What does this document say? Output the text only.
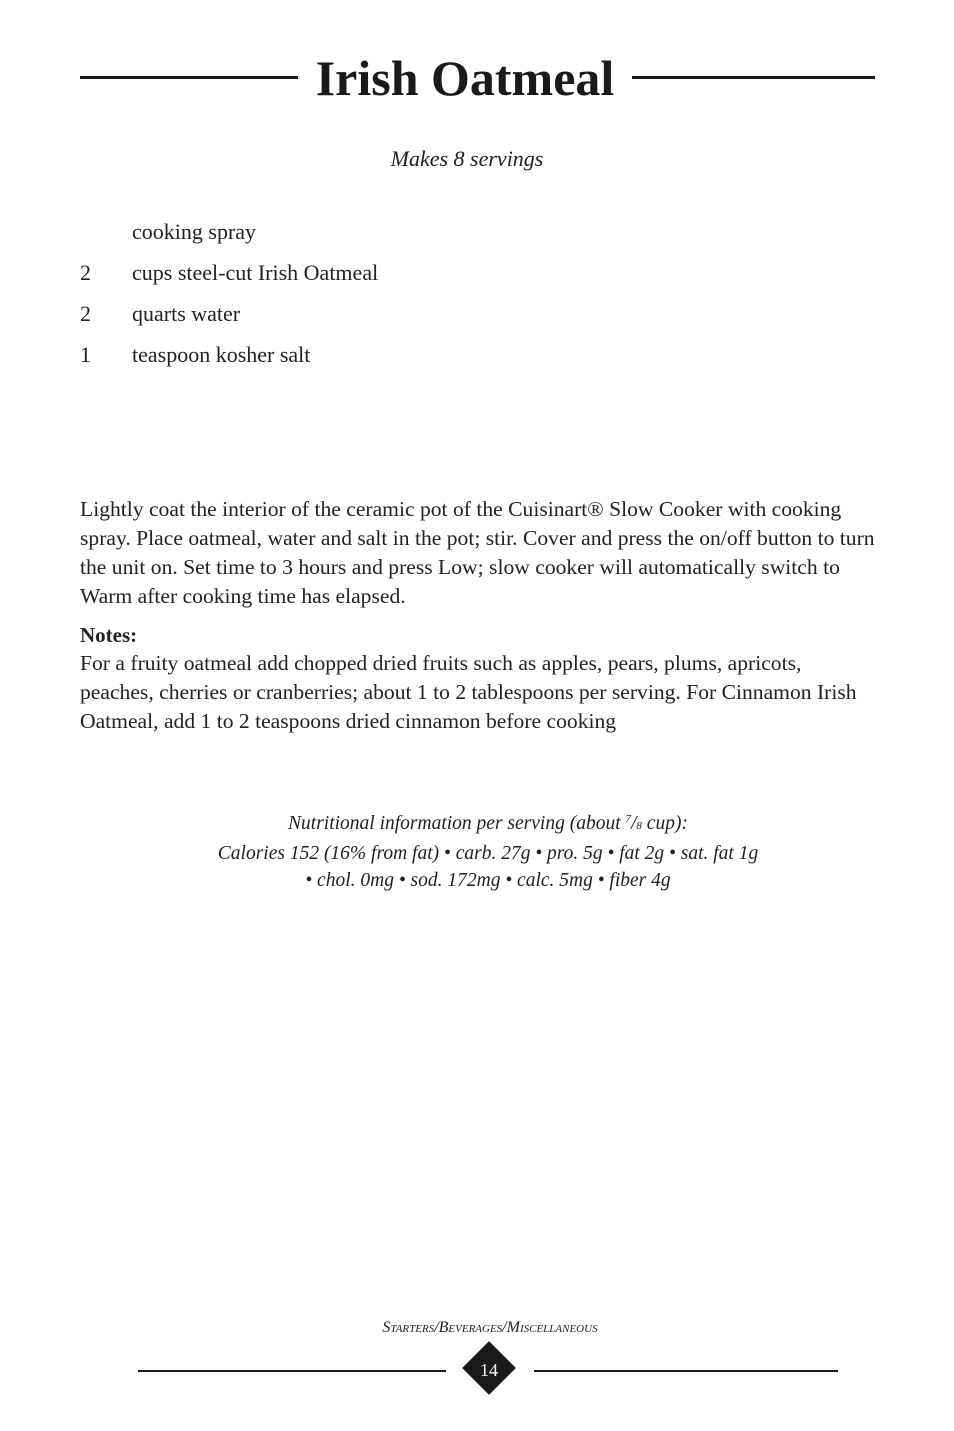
Irish Oatmeal
Makes 8 servings
cooking spray
2	cups steel-cut Irish Oatmeal
2	quarts water
1	teaspoon kosher salt
Lightly coat the interior of the ceramic pot of the Cuisinart® Slow Cooker with cooking spray. Place oatmeal, water and salt in the pot; stir. Cover and press the on/off button to turn the unit on. Set time to 3 hours and press Low; slow cooker will automatically switch to Warm after cooking time has elapsed.
Notes:
For a fruity oatmeal add chopped dried fruits such as apples, pears, plums, apricots, peaches, cherries or cranberries; about 1 to 2 tablespoons per serving. For Cinnamon Irish Oatmeal, add 1 to 2 teaspoons dried cinnamon before cooking
Nutritional information per serving (about $^7$/8 cup):
Calories 152 (16% from fat) • carb. 27g • pro. 5g • fat 2g • sat. fat 1g
• chol. 0mg • sod. 172mg • calc. 5mg • fiber 4g
Starters/Beverages/Miscellaneous
14
